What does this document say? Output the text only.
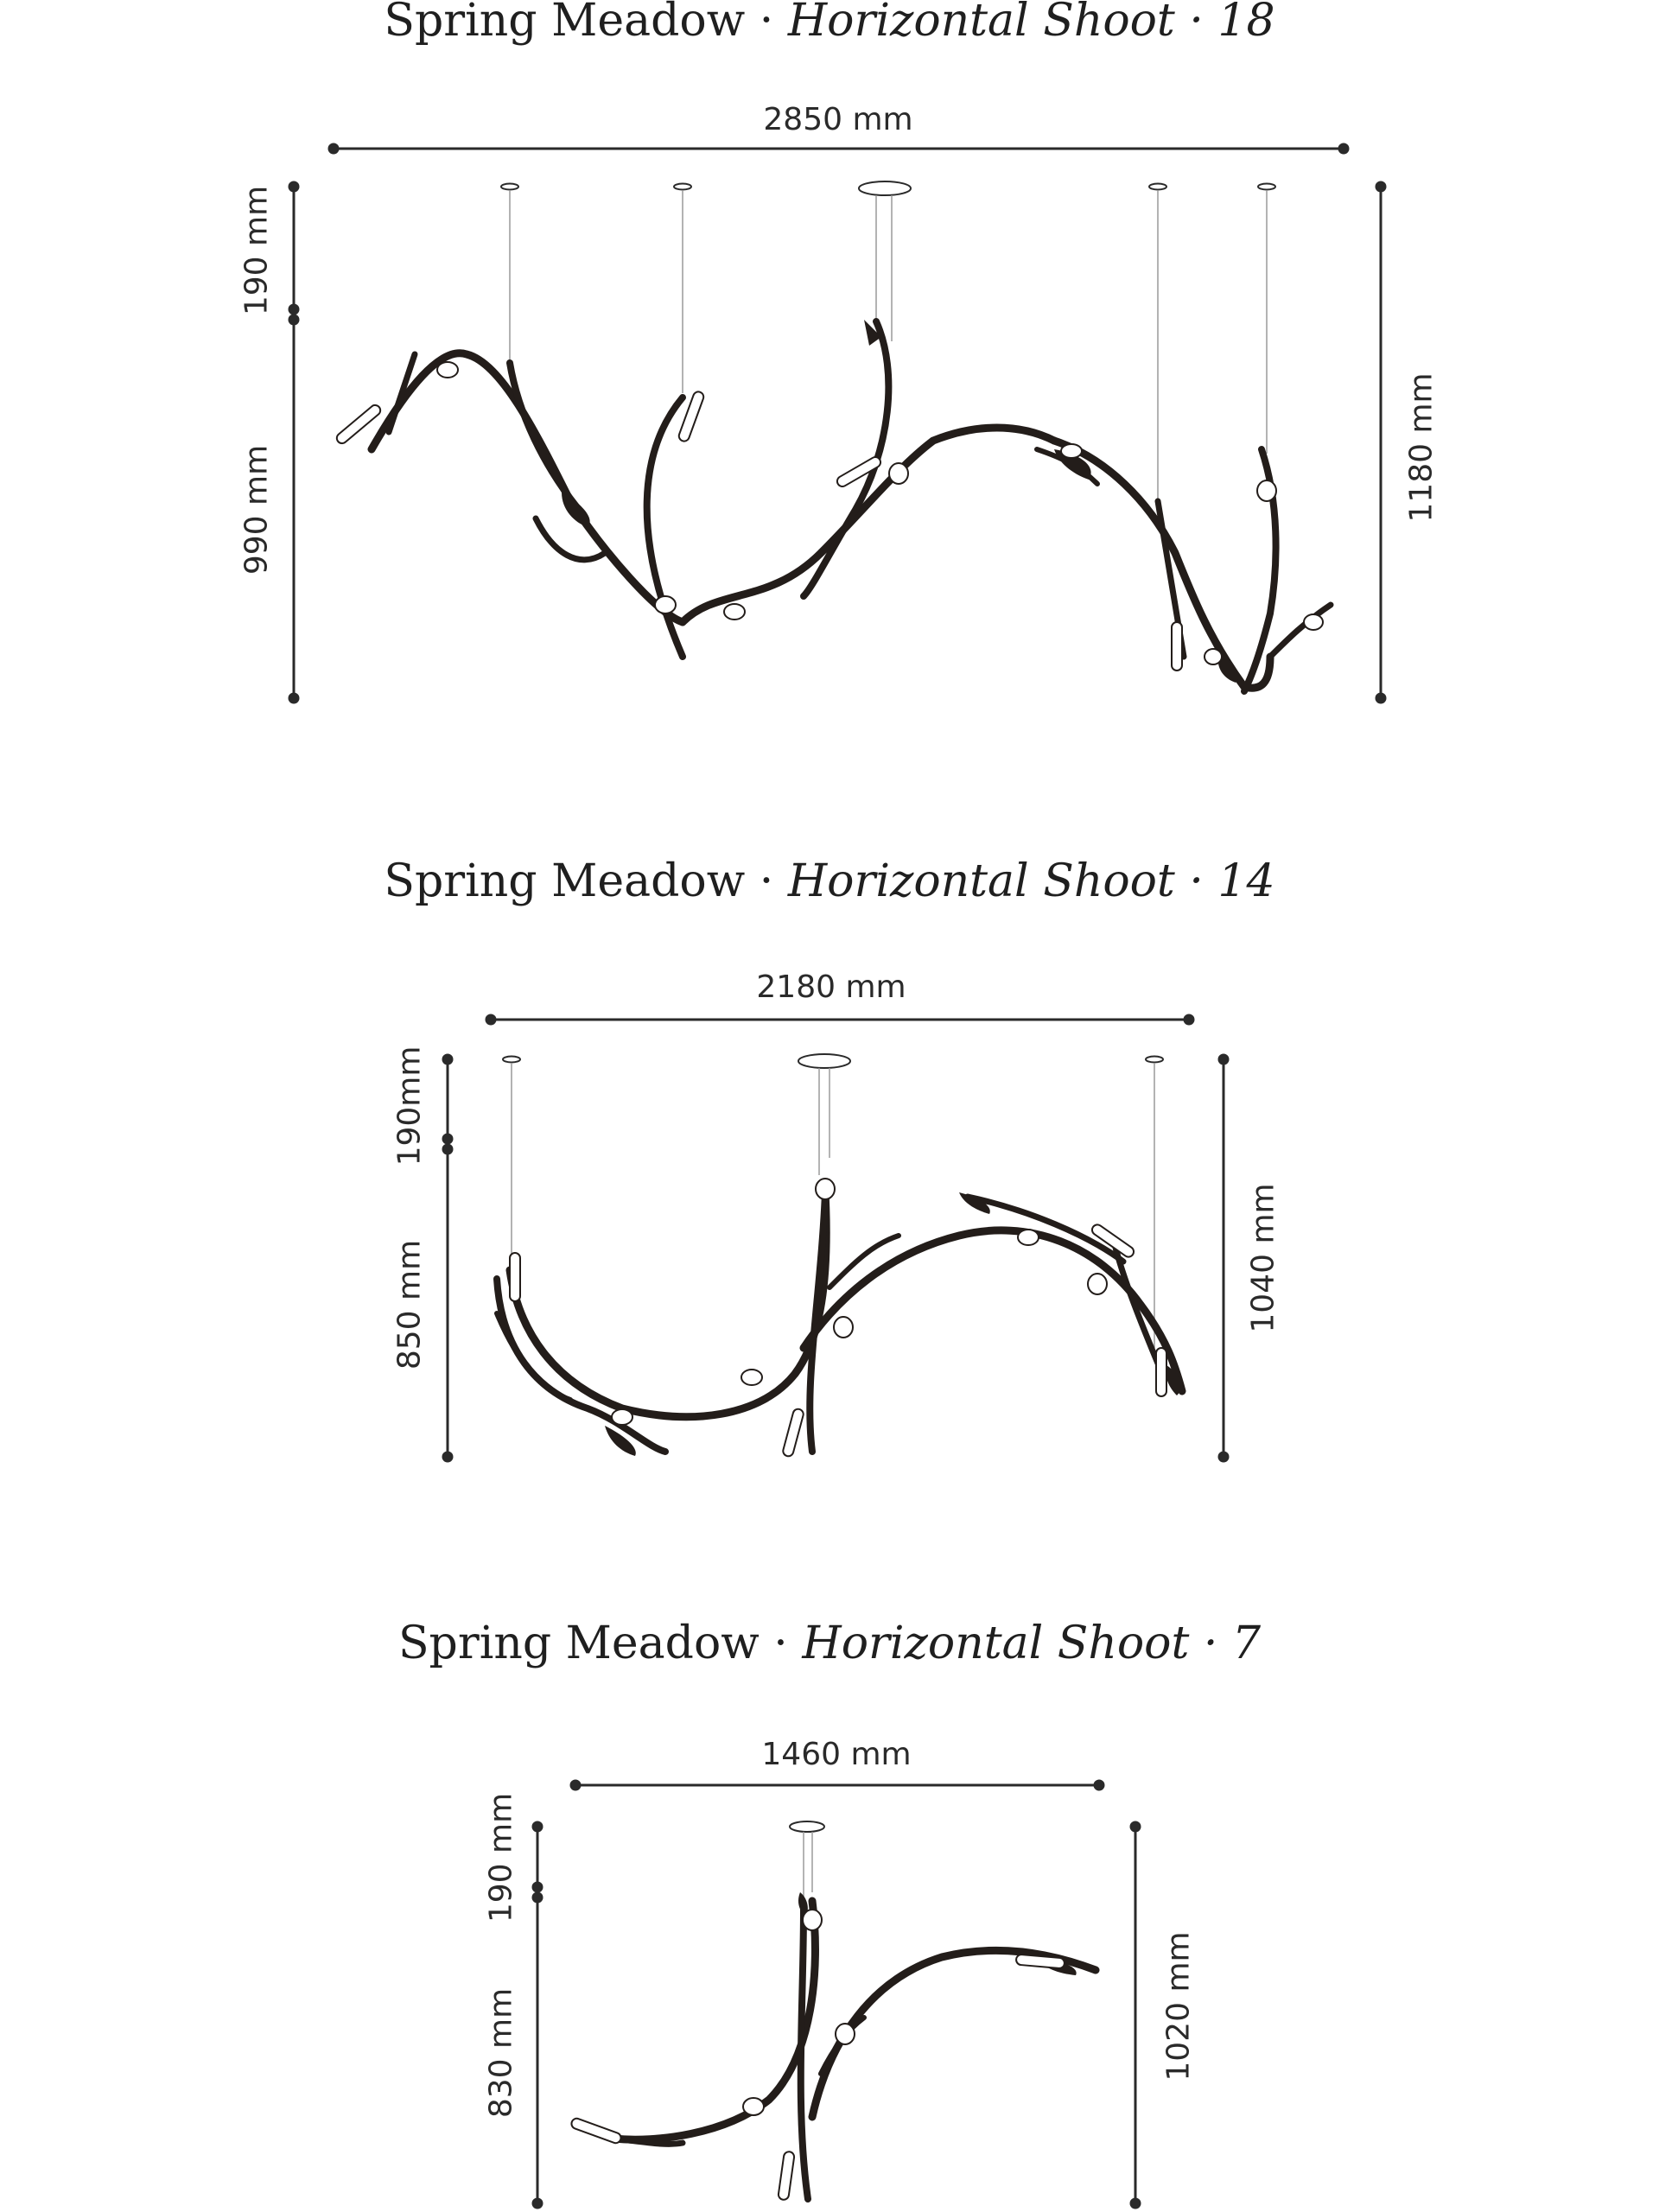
Spring Meadow · Horizontal Shoot · 18
2850 mm
190 mm
990 mm	1180 mm
Spring Meadow · Horizontal Shoot · 14
2180 mm
190mm
850 mm	1040 mm
Spring Meadow · Horizontal Shoot · 7
1460 mm
190 mm
830 mm	1020 mm
